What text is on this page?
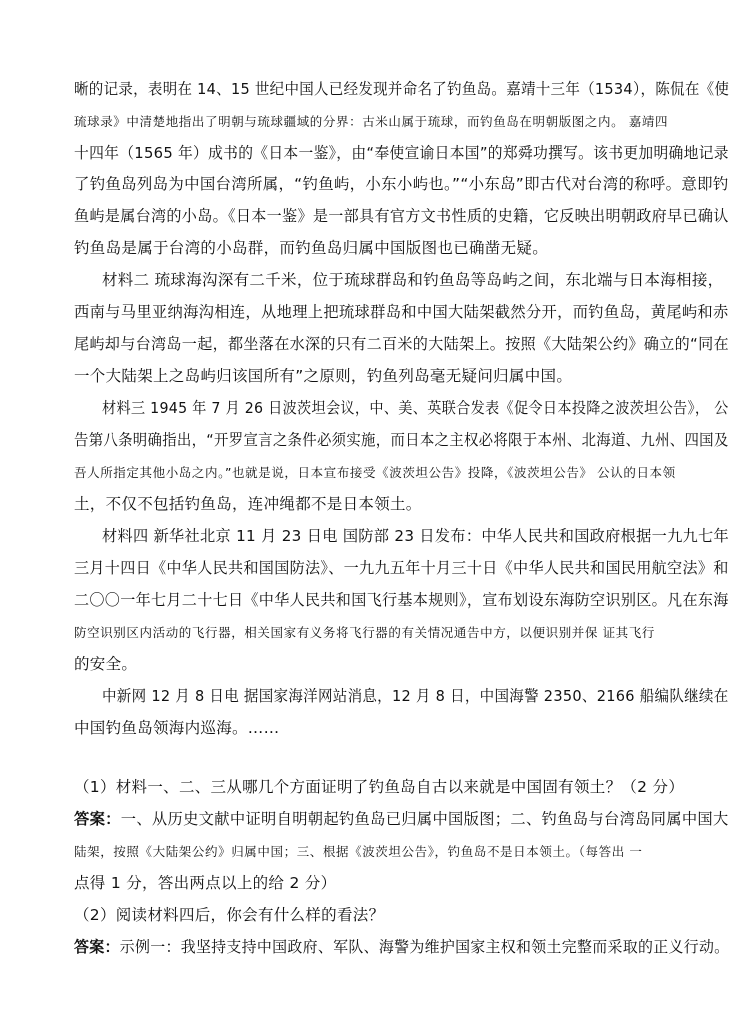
晰的记录，表明在 14、15 世纪中国人已经发现并命名了钓鱼岛。嘉靖十三年（1534），陈侃在《使
琉球录》中清楚地指出了明朝与琉球疆域的分界：古米山属于琉球，而钓鱼岛在明朝版图之内。 嘉靖四
十四年（1565 年）成书的《日本一鉴》，由“奉使宣谕日本国”的郑舜功撰写。该书更加明确地记录
了钓鱼岛列岛为中国台湾所属，“钓鱼屿，小东小屿也。”“小东岛”即古代对台湾的称呼。意即钓
鱼屿是属台湾的小岛。《日本一鉴》是一部具有官方文书性质的史籍，它反映出明朝政府早已确认
钓鱼岛是属于台湾的小岛群，而钓鱼岛归属中国版图也已确凿无疑。
材料二 琉球海沟深有二千米，位于琉球群岛和钓鱼岛等岛屿之间，东北端与日本海相接，
西南与马里亚纳海沟相连，从地理上把琉球群岛和中国大陆架截然分开，而钓鱼岛，黄尾屿和赤
尾屿却与台湾岛一起，都坐落在水深的只有二百米的大陆架上。按照《大陆架公约》确立的“同在
一个大陆架上之岛屿归该国所有”之原则，钓鱼列岛毫无疑问归属中国。
材料三 1945 年 7 月 26 日波茨坦会议，中、美、英联合发表《促令日本投降之波茨坦公告》， 公
告第八条明确指出，“开罗宣言之条件必须实施，而日本之主权必将限于本州、北海道、九州、四国及
吾人所指定其他小岛之内。”也就是说，日本宣布接受《波茨坦公告》投降，《波茨坦公告》 公认的日本领
土，不仅不包括钓鱼岛，连冲绳都不是日本领土。
材料四 新华社北京 11 月 23 日电 国防部 23 日发布：中华人民共和国政府根据一九九七年
三月十四日《中华人民共和国国防法》、一九九五年十月三十日《中华人民共和国民用航空法》和
二〇〇一年七月二十七日《中华人民共和国飞行基本规则》，宣布划设东海防空识别区。凡在东海
防空识别区内活动的飞行器，相关国家有义务将飞行器的有关情况通告中方，以便识别并保 证其飞行
的安全。
中新网 12 月 8 日电 据国家海洋网站消息，12 月 8 日，中国海警 2350、2166 船编队继续在
中国钓鱼岛领海内巡海。……
（1）材料一、二、三从哪几个方面证明了钓鱼岛自古以来就是中国固有领土？（2 分）
答案：一、从历史文献中证明自明朝起钓鱼岛已归属中国版图；二、钓鱼岛与台湾岛同属中国大
陆架，按照《大陆架公约》归属中国；三、根据《波茨坦公告》，钓鱼岛不是日本领土。（每答出 一
点得 1 分，答出两点以上的给 2 分）
（2）阅读材料四后，你会有什么样的看法？
答案：示例一：我坚持支持中国政府、军队、海警为维护国家主权和领土完整而采取的正义行动。
